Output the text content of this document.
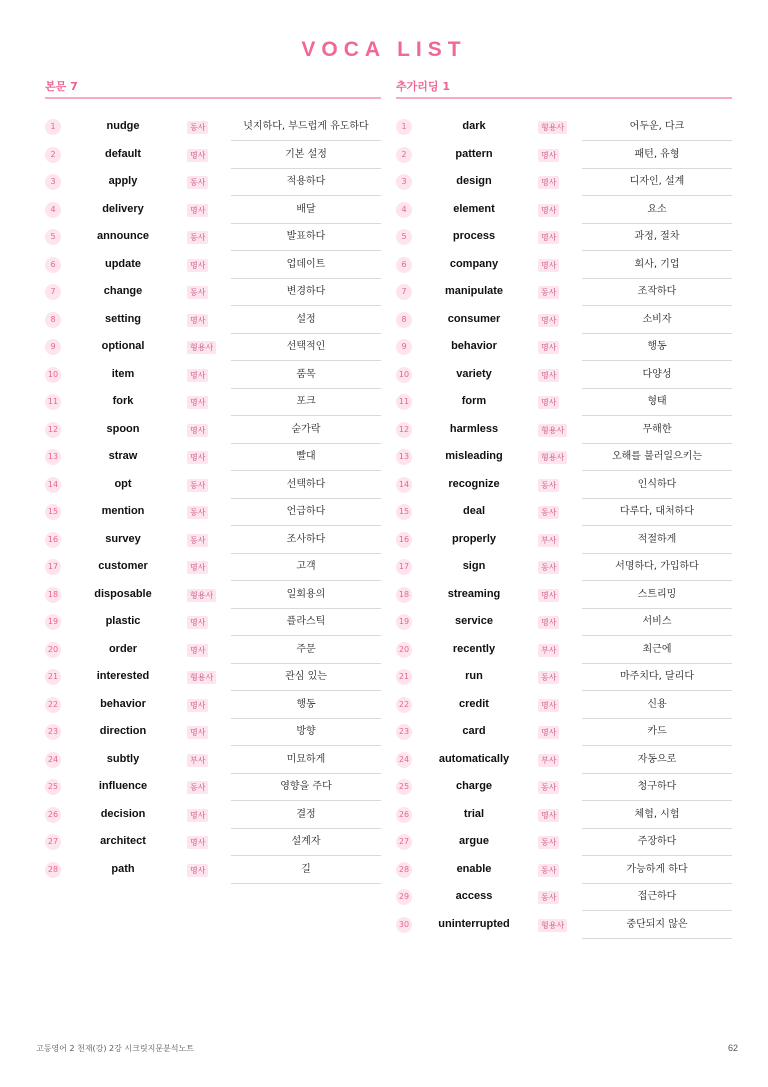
VOCA LIST
본문 7
1	nudge	동사	넛지하다, 부드럽게 유도하다
2	default	명사	기본 설정
3	apply	동사	적용하다
4	delivery	명사	배달
5	announce	동사	발표하다
6	update	명사	업데이트
7	change	동사	변경하다
8	setting	명사	설정
9	optional	형용사	선택적인
10	item	명사	품목
11	fork	명사	포크
12	spoon	명사	숟가락
13	straw	명사	빨대
14	opt	동사	선택하다
15	mention	동사	언급하다
16	survey	동사	조사하다
17	customer	명사	고객
18	disposable	형용사	일회용의
19	plastic	명사	플라스틱
20	order	명사	주문
21	interested	형용사	관심 있는
22	behavior	명사	행동
23	direction	명사	방향
24	subtly	부사	미묘하게
25	influence	동사	영향을 주다
26	decision	명사	결정
27	architect	명사	설계자
28	path	명사	길
추가리딩 1
1	dark	형용사	어두운, 다크
2	pattern	명사	패턴, 유형
3	design	명사	디자인, 설계
4	element	명사	요소
5	process	명사	과정, 절차
6	company	명사	회사, 기업
7	manipulate	동사	조작하다
8	consumer	명사	소비자
9	behavior	명사	행동
10	variety	명사	다양성
11	form	명사	형태
12	harmless	형용사	무해한
13	misleading	형용사	오해를 불러일으키는
14	recognize	동사	인식하다
15	deal	동사	다루다, 대처하다
16	properly	부사	적절하게
17	sign	동사	서명하다, 가입하다
18	streaming	명사	스트리밍
19	service	명사	서비스
20	recently	부사	최근에
21	run	동사	마주치다, 달리다
22	credit	명사	신용
23	card	명사	카드
24	automatically	부사	자동으로
25	charge	동사	청구하다
26	trial	명사	체험, 시험
27	argue	동사	주장하다
28	enable	동사	가능하게 하다
29	access	동사	접근하다
30	uninterrupted	형용사	중단되지 않은
고등영어 2 천재(강) 2강 시크릿지문분석노트	62
